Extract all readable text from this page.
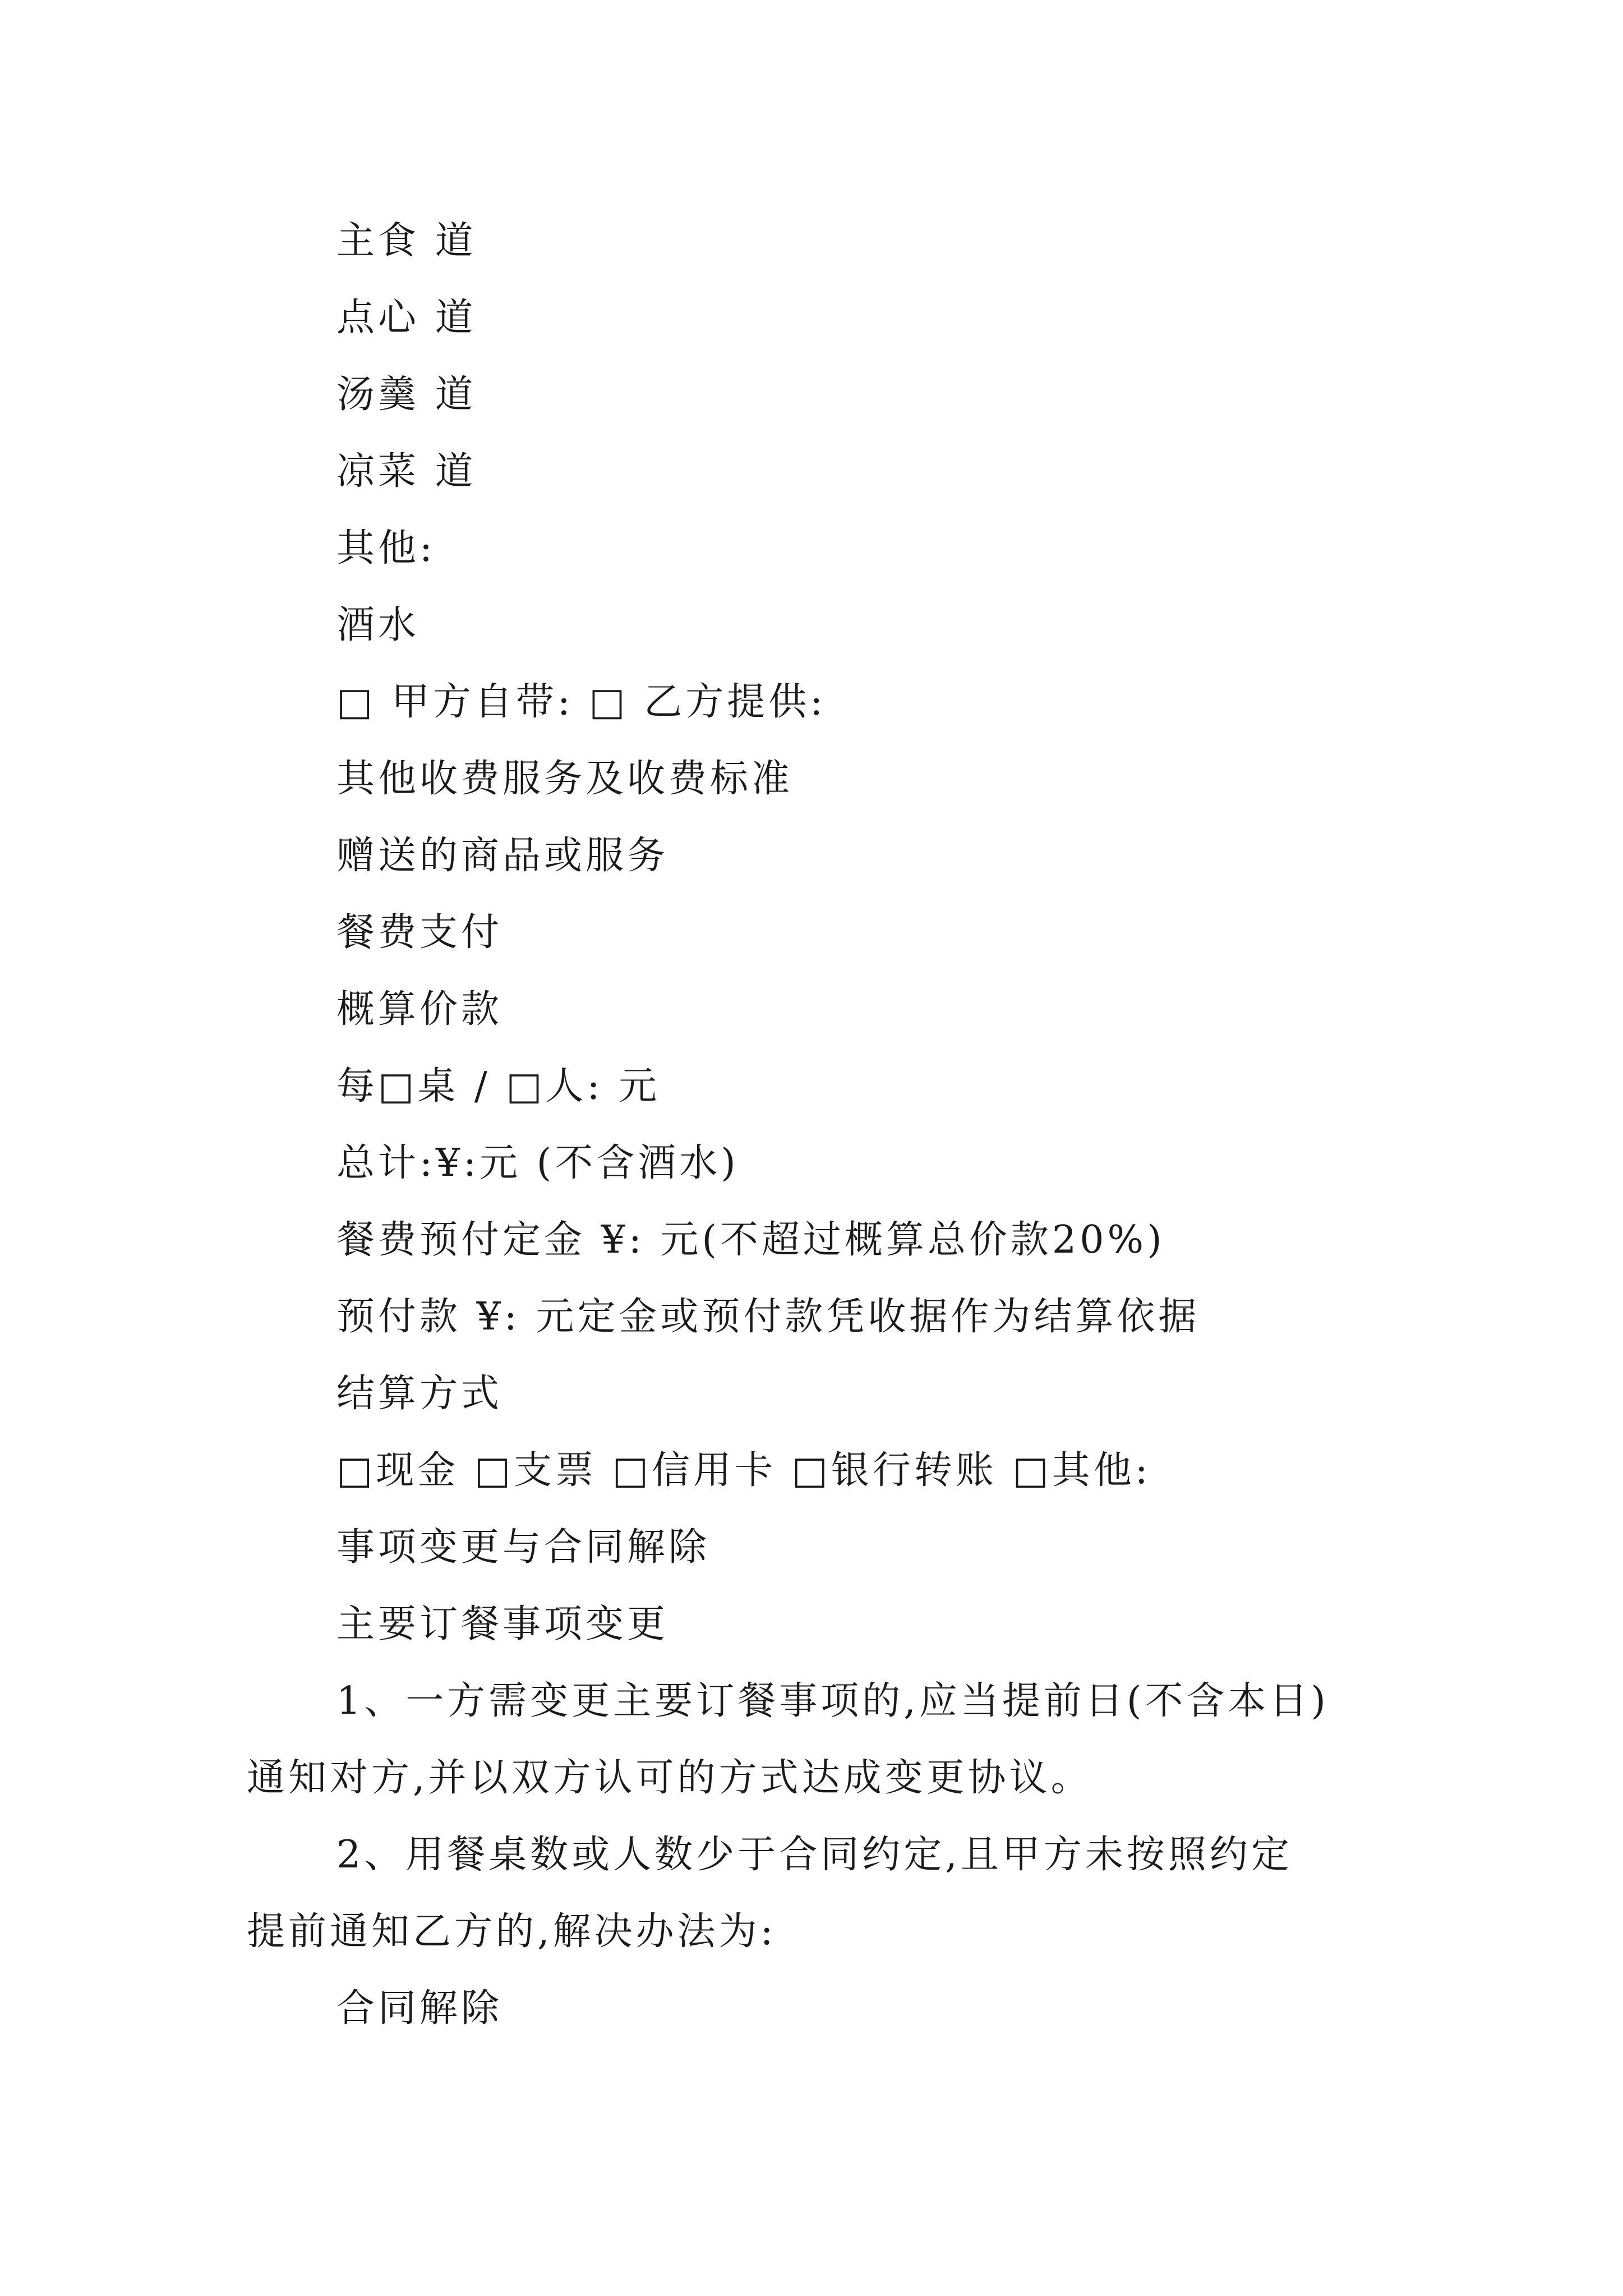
主食 道
点心 道
汤羹 道
凉菜 道
其他:
酒水
□ 甲方自带: □ 乙方提供:
其他收费服务及收费标准
赠送的商品或服务
餐费支付
概算价款
每□桌 / □人: 元
总计:¥:元 (不含酒水)
餐费预付定金 ¥: 元(不超过概算总价款20%)
预付款 ¥: 元定金或预付款凭收据作为结算依据
结算方式
□现金 □支票 □信用卡 □银行转账 □其他:
事项变更与合同解除
主要订餐事项变更
1、一方需变更主要订餐事项的,应当提前日(不含本日)
通知对方,并以双方认可的方式达成变更协议。
2、用餐桌数或人数少于合同约定,且甲方未按照约定
提前通知乙方的,解决办法为:
合同解除
